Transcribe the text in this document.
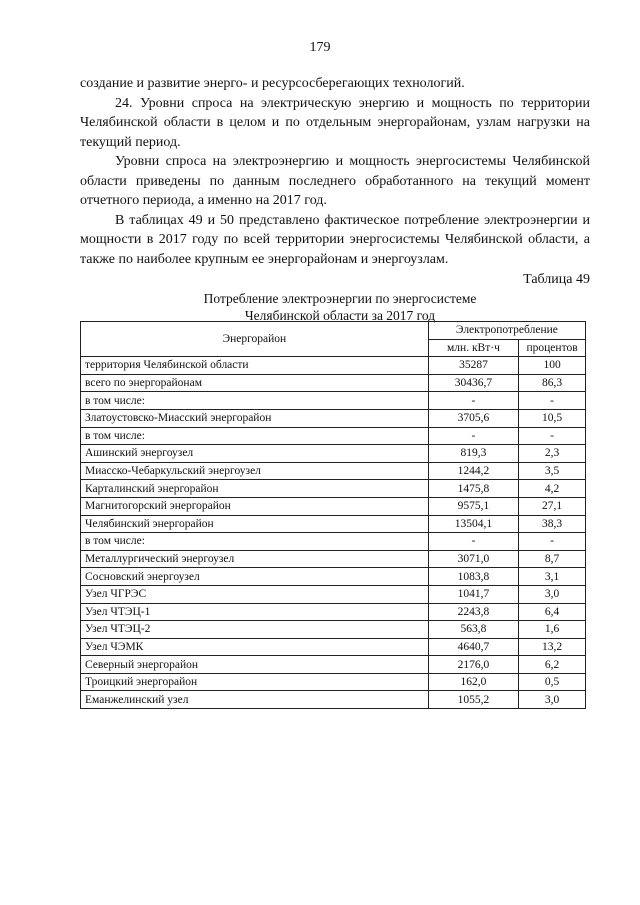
179

создание и развитие энерго- и ресурсосберегающих технологий.

24. Уровни спроса на электрическую энергию и мощность по территории Челябинской области в целом и по отдельным энергорайонам, узлам нагрузки на текущий период.

Уровни спроса на электроэнергию и мощность энергосистемы Челябинской области приведены по данным последнего обработанного на текущий момент отчетного периода, а именно на 2017 год.

В таблицах 49 и 50 представлено фактическое потребление электроэнергии и мощности в 2017 году по всей территории энергосистемы Челябинской области, а также по наиболее крупным ее энергорайонам и энергоузлам.

Таблица 49
Потребление электроэнергии по энергосистеме
Челябинской области за 2017 год
Энергорайон	Электропотребление	
	млн. кВт·ч	процентов
территория Челябинской области	35287	100
всего по энергорайонам	30436,7	86,3
в том числе:	-	-
Златоустовско-Миасский энергорайон	3705,6	10,5
в том числе:	-	-
Ашинский энергоузел	819,3	2,3
Миасско-Чебаркульский энергоузел	1244,2	3,5
Карталинский энергорайон	1475,8	4,2
Магнитогорский энергорайон	9575,1	27,1
Челябинский энергорайон	13504,1	38,3
в том числе:	-	-
Металлургический энергоузел	3071,0	8,7
Сосновский энергоузел	1083,8	3,1
Узел ЧГРЭС	1041,7	3,0
Узел ЧТЭЦ-1	2243,8	6,4
Узел ЧТЭЦ-2	563,8	1,6
Узел ЧЭМК	4640,7	13,2
Северный энергорайон	2176,0	6,2
Троицкий энергорайон	162,0	0,5
Еманжелинский узел	1055,2	3,0
